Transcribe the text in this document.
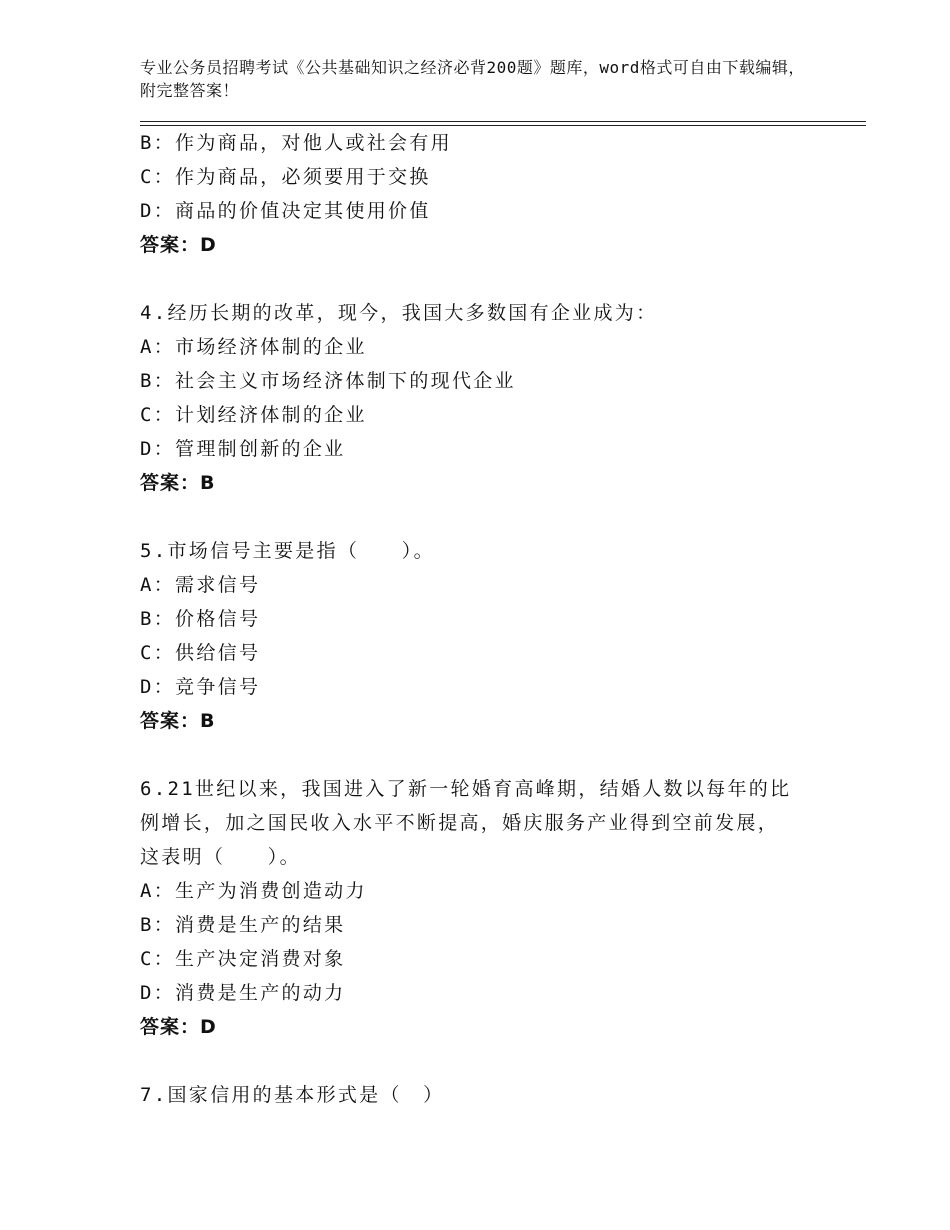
专业公务员招聘考试《公共基础知识之经济必背200题》题库，word格式可自由下载编辑，附完整答案！
B：作为商品，对他人或社会有用
C：作为商品，必须要用于交换
D：商品的价值决定其使用价值
答案：D
4.经历长期的改革，现今，我国大多数国有企业成为：
A：市场经济体制的企业
B：社会主义市场经济体制下的现代企业
C：计划经济体制的企业
D：管理制创新的企业
答案：B
5.市场信号主要是指（　　）。
A：需求信号
B：价格信号
C：供给信号
D：竞争信号
答案：B
6.21世纪以来，我国进入了新一轮婚育高峰期，结婚人数以每年的比
例增长，加之国民收入水平不断提高，婚庆服务产业得到空前发展，
这表明（　　）。
A：生产为消费创造动力
B：消费是生产的结果
C：生产决定消费对象
D：消费是生产的动力
答案：D
7.国家信用的基本形式是（　）
